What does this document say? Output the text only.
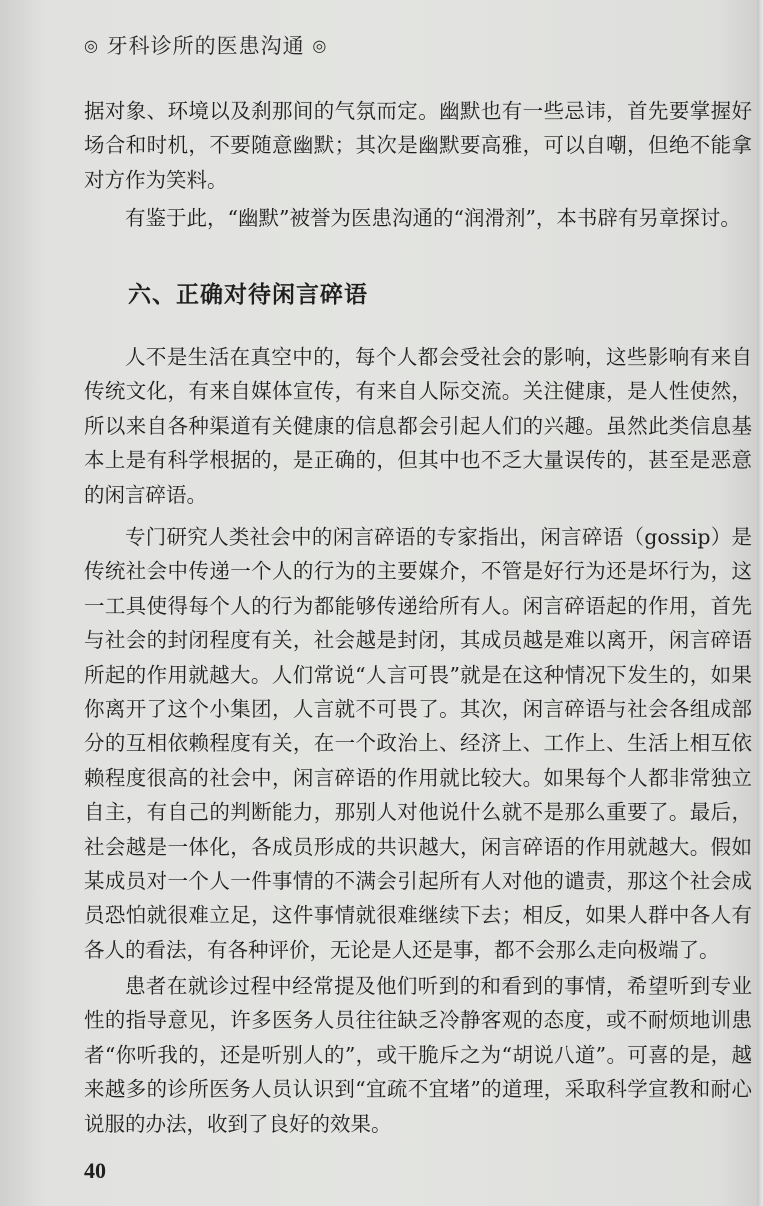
◎ 牙科诊所的医患沟通 ◎

据对象、环境以及刹那间的气氛而定。幽默也有一些忌讳，首先要掌握好场合和时机，不要随意幽默；其次是幽默要高雅，可以自嘲，但绝不能拿对方作为笑料。

有鉴于此，“幽默”被誉为医患沟通的“润滑剂”，本书辟有另章探讨。

六、正确对待闲言碎语

人不是生活在真空中的，每个人都会受社会的影响，这些影响有来自传统文化，有来自媒体宣传，有来自人际交流。关注健康，是人性使然，所以来自各种渠道有关健康的信息都会引起人们的兴趣。虽然此类信息基本上是有科学根据的，是正确的，但其中也不乏大量误传的，甚至是恶意的闲言碎语。

专门研究人类社会中的闲言碎语的专家指出，闲言碎语（gossip）是传统社会中传递一个人的行为的主要媒介，不管是好行为还是坏行为，这一工具使得每个人的行为都能够传递给所有人。闲言碎语起的作用，首先与社会的封闭程度有关，社会越是封闭，其成员越是难以离开，闲言碎语所起的作用就越大。人们常说“人言可畏”就是在这种情况下发生的，如果你离开了这个小集团，人言就不可畏了。其次，闲言碎语与社会各组成部分的互相依赖程度有关，在一个政治上、经济上、工作上、生活上相互依赖程度很高的社会中，闲言碎语的作用就比较大。如果每个人都非常独立自主，有自己的判断能力，那别人对他说什么就不是那么重要了。最后，社会越是一体化，各成员形成的共识越大，闲言碎语的作用就越大。假如某成员对一个人一件事情的不满会引起所有人对他的谴责，那这个社会成员恐怕就很难立足，这件事情就很难继续下去；相反，如果人群中各人有各人的看法，有各种评价，无论是人还是事，都不会那么走向极端了。

患者在就诊过程中经常提及他们听到的和看到的事情，希望听到专业性的指导意见，许多医务人员往往缺乏冷静客观的态度，或不耐烦地训患者“你听我的，还是听别人的”，或干脆斥之为“胡说八道”。可喜的是，越来越多的诊所医务人员认识到“宜疏不宜堵”的道理，采取科学宣教和耐心说服的办法，收到了良好的效果。

40
